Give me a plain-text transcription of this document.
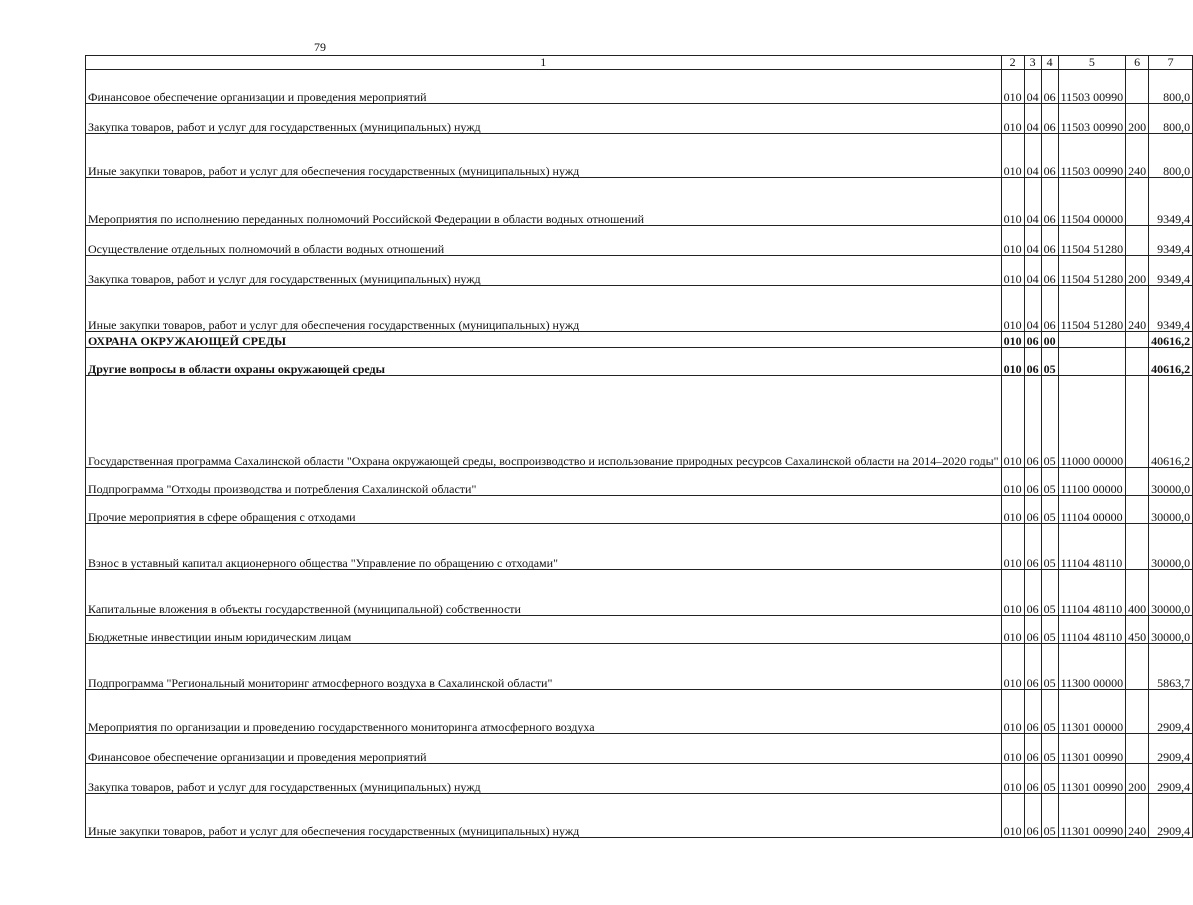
79
1	2	3	4	5	6	7
Финансовое обеспечение организации и проведения мероприятий	010	04	06	11503 00990		800,0
Закупка товаров, работ и услуг для государственных (муниципальных) нужд	010	04	06	11503 00990	200	800,0
Иные закупки товаров, работ и услуг для обеспечения государственных (муниципальных) нужд	010	04	06	11503 00990	240	800,0
Мероприятия по исполнению переданных полномочий Российской Федерации в области водных отношений	010	04	06	11504 00000		9349,4
Осуществление отдельных полномочий в области водных отношений	010	04	06	11504 51280		9349,4
Закупка товаров, работ и услуг для государственных (муниципальных) нужд	010	04	06	11504 51280	200	9349,4
Иные закупки товаров, работ и услуг для обеспечения государственных (муниципальных) нужд	010	04	06	11504 51280	240	9349,4
ОХРАНА ОКРУЖАЮЩЕЙ СРЕДЫ	010	06	00			40616,2
Другие вопросы в области охраны окружающей среды	010	06	05			40616,2
Государственная программа Сахалинской области "Охрана окружающей среды, воспроизводство и использование природных ресурсов Сахалинской области на 2014–2020 годы"	010	06	05	11000 00000		40616,2
Подпрограмма "Отходы производства и потребления Сахалинской области"	010	06	05	11100 00000		30000,0
Прочие мероприятия в сфере обращения с отходами	010	06	05	11104 00000		30000,0
Взнос в уставный капитал акционерного общества "Управление по обращению с отходами"	010	06	05	11104 48110		30000,0
Капитальные вложения в объекты государственной (муниципальной) собственности	010	06	05	11104 48110	400	30000,0
Бюджетные инвестиции иным юридическим лицам	010	06	05	11104 48110	450	30000,0
Подпрограмма "Региональный мониторинг атмосферного воздуха в Сахалинской области"	010	06	05	11300 00000		5863,7
Мероприятия по организации и проведению государственного мониторинга атмосферного воздуха	010	06	05	11301 00000		2909,4
Финансовое обеспечение организации и проведения мероприятий	010	06	05	11301 00990		2909,4
Закупка товаров, работ и услуг для государственных (муниципальных) нужд	010	06	05	11301 00990	200	2909,4
Иные закупки товаров, работ и услуг для обеспечения государственных (муниципальных) нужд	010	06	05	11301 00990	240	2909,4
